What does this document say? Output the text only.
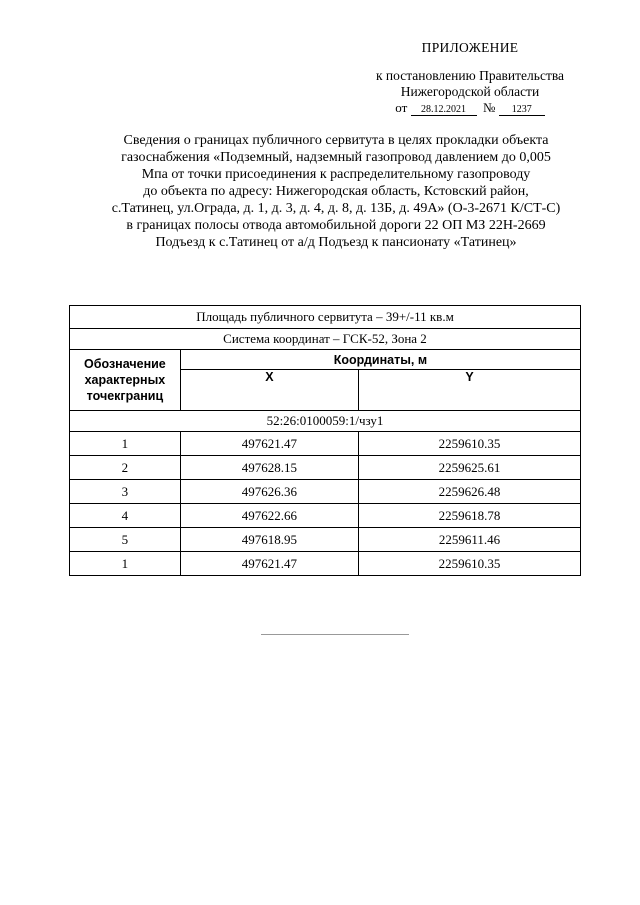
ПРИЛОЖЕНИЕ
к постановлению Правительства
Нижегородской области
от 28.12.2021 № 1237
Сведения о границах публичного сервитута в целях прокладки объекта
газоснабжения «Подземный, надземный газопровод давлением до 0,005
Мпа от точки присоединения к распределительному газопроводу
до объекта по адресу: Нижегородская область, Кстовский район,
с.Татинец, ул.Ограда, д. 1, д. 3, д. 4, д. 8, д. 13Б, д. 49А» (О-3-2671 К/СТ-С)
в границах полосы отвода автомобильной дороги 22 ОП МЗ 22Н-2669
Подъезд к с.Татинец от а/д Подъезд к пансионату «Татинец»
Площадь публичного сервитута – 39+/-11 кв.м		
Система координат – ГСК-52, Зона 2		
Обозначение характерных точекграниц	Координаты, м	
	X	Y
52:26:0100059:1/чзу1		
1	497621.47	2259610.35
2	497628.15	2259625.61
3	497626.36	2259626.48
4	497622.66	2259618.78
5	497618.95	2259611.46
1	497621.47	2259610.35
